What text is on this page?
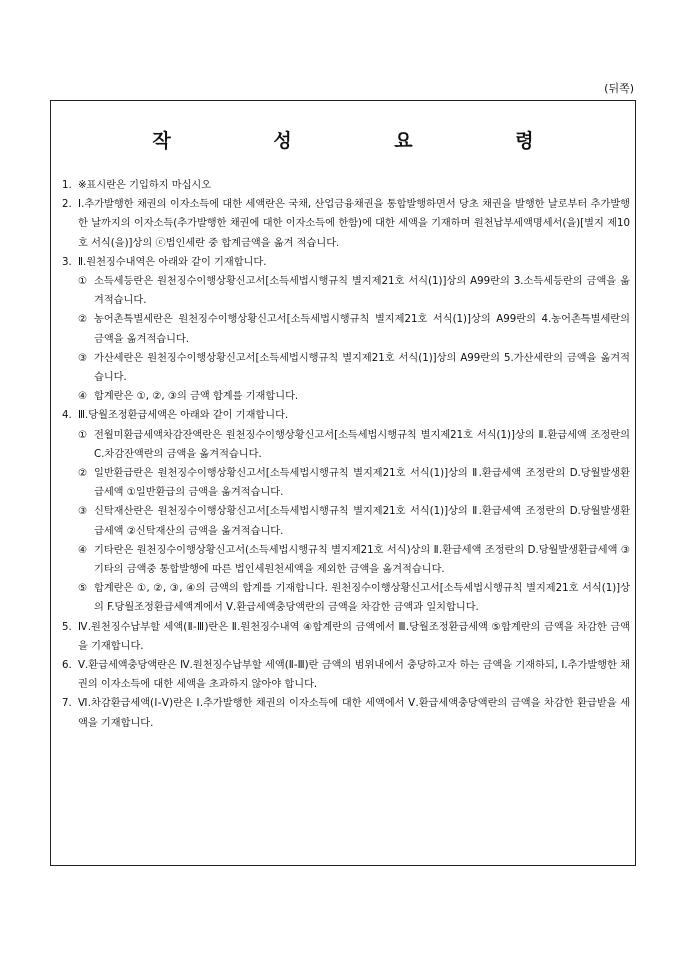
(뒤쪽)
작 성 요 령
1. ※표시란은 기입하지 마십시오
2. Ⅰ.추가발행한 채권의 이자소득에 대한 세액란은 국채, 산업금융채권을 통합발행하면서 당초 채권을 발행한 날로부터 추가발행한 날까지의 이자소득(추가발행한 채권에 대한 이자소득에 한함)에 대한 세액을 기재하며 원천납부세액명세서(을)[별지 제10호 서식(을)]상의 ⓒ법인세란 중 합계금액을 옮겨 적습니다.
3. Ⅱ.원천징수내역은 아래와 같이 기재합니다.
① 소득세등란은 원천징수이행상황신고서[소득세법시행규칙 별지제21호 서식(1)]상의 A99란의 3.소득세등란의 금액을 옮겨적습니다.
② 농어촌특별세란은 원천징수이행상황신고서[소득세법시행규칙 별지제21호 서식(1)]상의 A99란의 4.농어촌특별세란의 금액을 옮겨적습니다.
③ 가산세란은 원천징수이행상황신고서[소득세법시행규칙 별지제21호 서식(1)]상의 A99란의 5.가산세란의 금액을 옮겨적습니다.
④ 합계란은 ①, ②, ③의 금액 합계를 기재합니다.
4. Ⅲ.당월조정환급세액은 아래와 같이 기재합니다.
① 전월미환급세액차감잔액란은 원천징수이행상황신고서[소득세법시행규칙 별지제21호 서식(1)]상의 Ⅱ.환급세액 조정란의 C.차감잔액란의 금액을 옮겨적습니다.
② 일반환급란은 원천징수이행상황신고서[소득세법시행규칙 별지제21호 서식(1)]상의 Ⅱ.환급세액 조정란의 D.당월발생환급세액 ①일반환급의 금액을 옮겨적습니다.
③ 신탁재산란은 원천징수이행상황신고서[소득세법시행규칙 별지제21호 서식(1)]상의 Ⅱ.환급세액 조정란의 D.당월발생환급세액 ②신탁재산의 금액을 옮겨적습니다.
④ 기타란은 원천징수이행상황신고서(소득세법시행규칙 별지제21호 서식)상의 Ⅱ.환급세액 조정란의 D.당월발생환급세액 ③기타의 금액중 통합발행에 따른 법인세원천세액을 제외한 금액을 옮겨적습니다.
⑤ 합계란은 ①, ②, ③, ④의 금액의 합계를 기재합니다. 원천징수이행상황신고서[소득세법시행규칙 별지제21호 서식(1)]상의 F.당월조정환급세액계에서 Ⅴ.환급세액충당액란의 금액을 차감한 금액과 일치합니다.
5. Ⅳ.원천징수납부할 세액(Ⅱ-Ⅲ)란은 Ⅱ.원천징수내역 ④합계란의 금액에서 Ⅲ.당월조정환급세액 ⑤합계란의 금액을 차감한 금액을 기재합니다.
6. Ⅴ.환급세액충당액란은 Ⅳ.원천징수납부할 세액(Ⅱ-Ⅲ)란 금액의 범위내에서 충당하고자 하는 금액을 기재하되, Ⅰ.추가발행한 채권의 이자소득에 대한 세액을 초과하지 않아야 합니다.
7. Ⅵ.차감환급세액(Ⅰ-Ⅴ)란은 Ⅰ.추가발행한 채권의 이자소득에 대한 세액에서 Ⅴ.환급세액충당액란의 금액을 차감한 환급받을 세액을 기재합니다.
